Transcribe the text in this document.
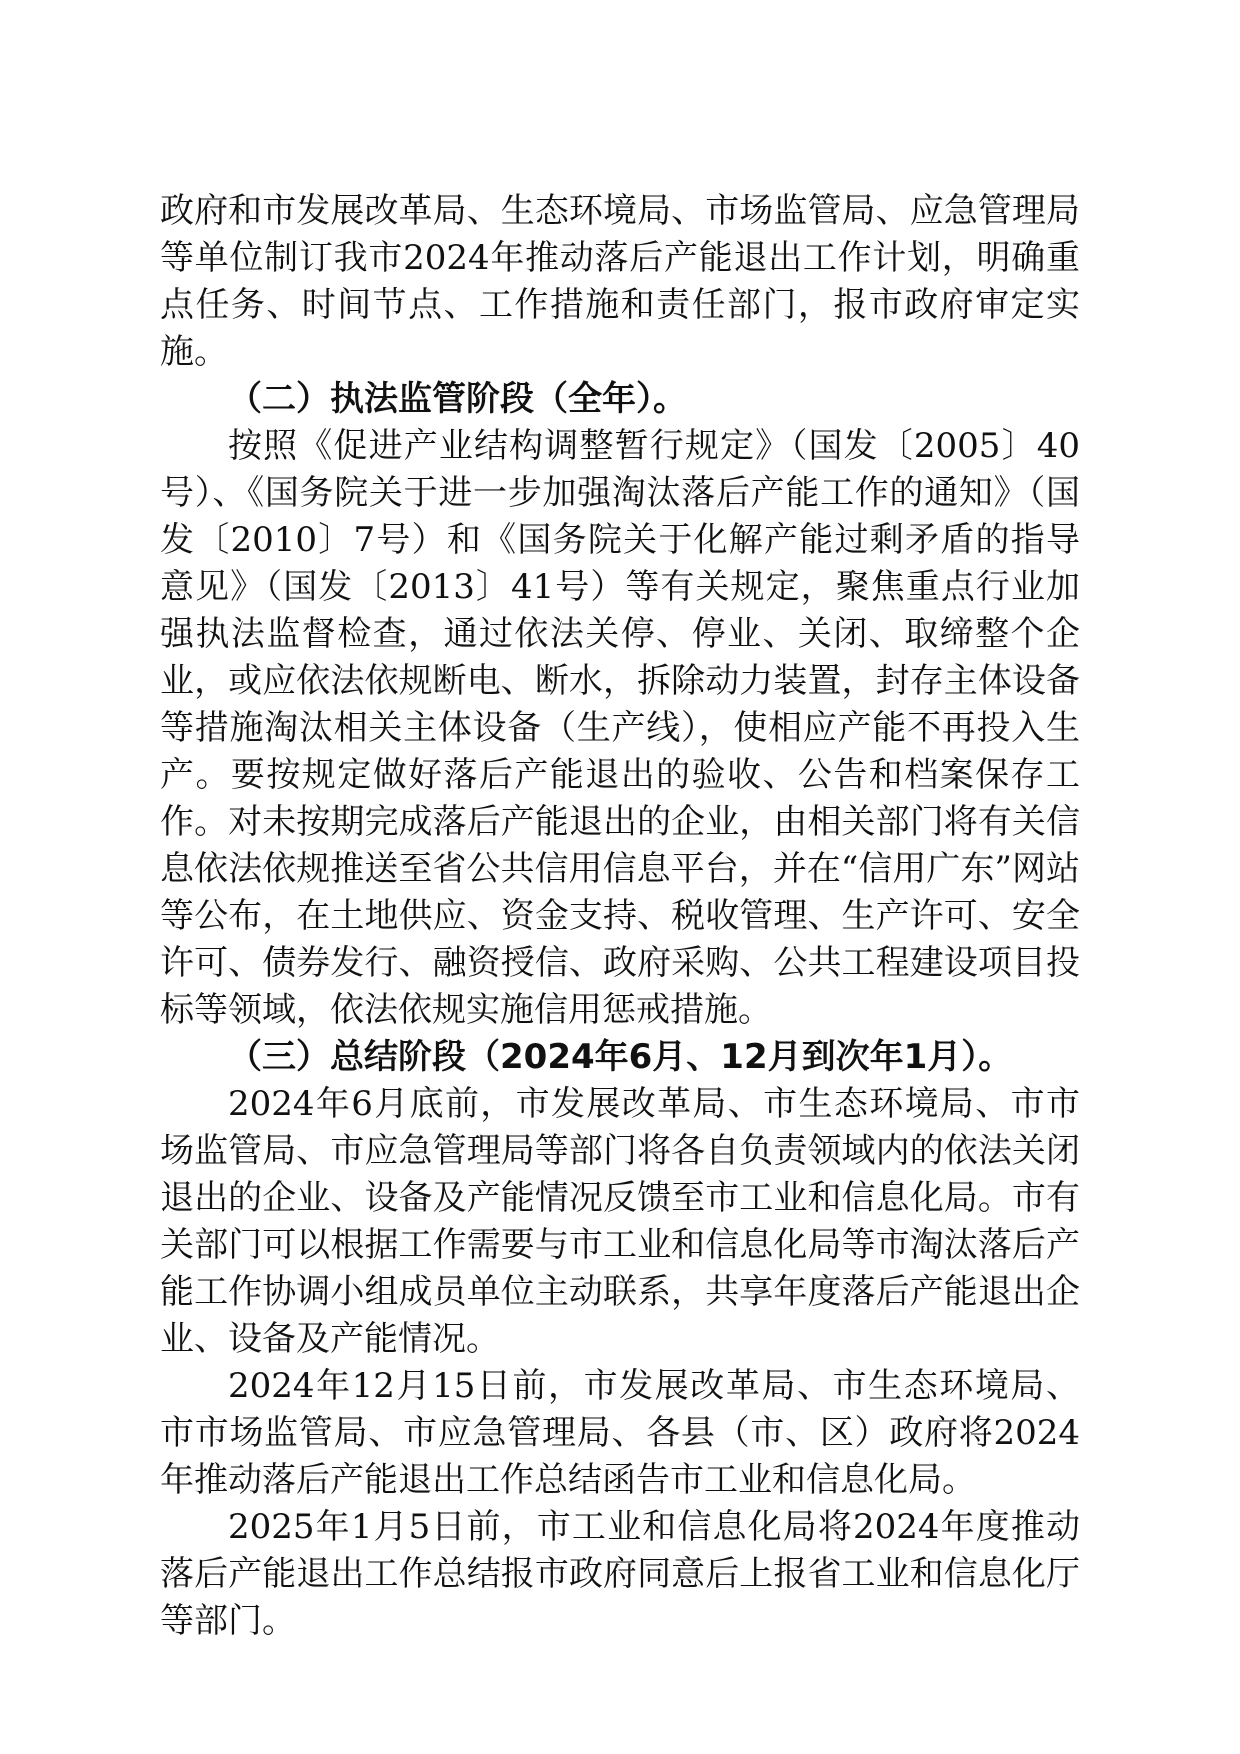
政府和市发展改革局、生态环境局、市场监管局、应急管理局等单位制订我市2024年推动落后产能退出工作计划，明确重点任务、时间节点、工作措施和责任部门，报市政府审定实施。

（二）执法监管阶段（全年）。

按照《促进产业结构调整暂行规定》（国发〔2005〕40号）、《国务院关于进一步加强淘汰落后产能工作的通知》（国发〔2010〕7号）和《国务院关于化解产能过剩矛盾的指导意见》（国发〔2013〕41号）等有关规定，聚焦重点行业加强执法监督检查，通过依法关停、停业、关闭、取缔整个企业，或应依法依规断电、断水，拆除动力装置，封存主体设备等措施淘汰相关主体设备（生产线），使相应产能不再投入生产。要按规定做好落后产能退出的验收、公告和档案保存工作。对未按期完成落后产能退出的企业，由相关部门将有关信息依法依规推送至省公共信用信息平台，并在“信用广东”网站等公布，在土地供应、资金支持、税收管理、生产许可、安全许可、债券发行、融资授信、政府采购、公共工程建设项目投标等领域，依法依规实施信用惩戒措施。

（三）总结阶段（2024年6月、12月到次年1月）。

2024年6月底前，市发展改革局、市生态环境局、市市场监管局、市应急管理局等部门将各自负责领域内的依法关闭退出的企业、设备及产能情况反馈至市工业和信息化局。市有关部门可以根据工作需要与市工业和信息化局等市淘汰落后产能工作协调小组成员单位主动联系，共享年度落后产能退出企业、设备及产能情况。

2024年12月15日前，市发展改革局、市生态环境局、市市场监管局、市应急管理局、各县（市、区）政府将2024年推动落后产能退出工作总结函告市工业和信息化局。

2025年1月5日前，市工业和信息化局将2024年度推动落后产能退出工作总结报市政府同意后上报省工业和信息化厅等部门。
